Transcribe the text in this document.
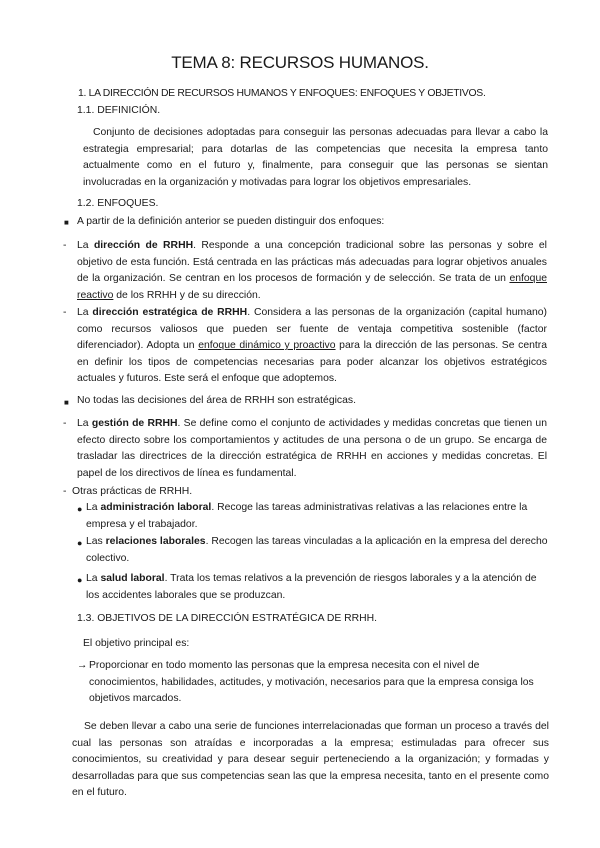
TEMA 8: RECURSOS HUMANOS.
1. LA DIRECCIÓN DE RECURSOS HUMANOS Y ENFOQUES: ENFOQUES Y OBJETIVOS.
1.1. DEFINICIÓN.
Conjunto de decisiones adoptadas para conseguir las personas adecuadas para llevar a cabo la estrategia empresarial; para dotarlas de las competencias que necesita la empresa tanto actualmente como en el futuro y, finalmente, para conseguir que las personas se sientan involucradas en la organización y motivadas para lograr los objetivos empresariales.
1.2. ENFOQUES.
■ A partir de la definición anterior se pueden distinguir dos enfoques:
- La dirección de RRHH. Responde a una concepción tradicional sobre las personas y sobre el objetivo de esta función. Está centrada en las prácticas más adecuadas para lograr objetivos anuales de la organización. Se centran en los procesos de formación y de selección. Se trata de un enfoque reactivo de los RRHH y de su dirección.
- La dirección estratégica de RRHH. Considera a las personas de la organización (capital humano) como recursos valiosos que pueden ser fuente de ventaja competitiva sostenible (factor diferenciador). Adopta un enfoque dinámico y proactivo para la dirección de las personas. Se centra en definir los tipos de competencias necesarias para poder alcanzar los objetivos estratégicos actuales y futuros. Este será el enfoque que adoptemos.
■ No todas las decisiones del área de RRHH son estratégicas.
- La gestión de RRHH. Se define como el conjunto de actividades y medidas concretas que tienen un efecto directo sobre los comportamientos y actitudes de una persona o de un grupo. Se encarga de trasladar las directrices de la dirección estratégica de RRHH en acciones y medidas concretas. El papel de los directivos de línea es fundamental.
- Otras prácticas de RRHH.
● La administración laboral. Recoge las tareas administrativas relativas a las relaciones entre la empresa y el trabajador.
● Las relaciones laborales. Recogen las tareas vinculadas a la aplicación en la empresa del derecho colectivo.
● La salud laboral. Trata los temas relativos a la prevención de riesgos laborales y a la atención de los accidentes laborales que se produzcan.
1.3. OBJETIVOS DE LA DIRECCIÓN ESTRATÉGICA DE RRHH.
El objetivo principal es:
→ Proporcionar en todo momento las personas que la empresa necesita con el nivel de conocimientos, habilidades, actitudes, y motivación, necesarios para que la empresa consiga los objetivos marcados.
Se deben llevar a cabo una serie de funciones interrelacionadas que forman un proceso a través del cual las personas son atraídas e incorporadas a la empresa; estimuladas para ofrecer sus conocimientos, su creatividad y para desear seguir perteneciendo a la organización; y formadas y desarrolladas para que sus competencias sean las que la empresa necesita, tanto en el presente como en el futuro.
